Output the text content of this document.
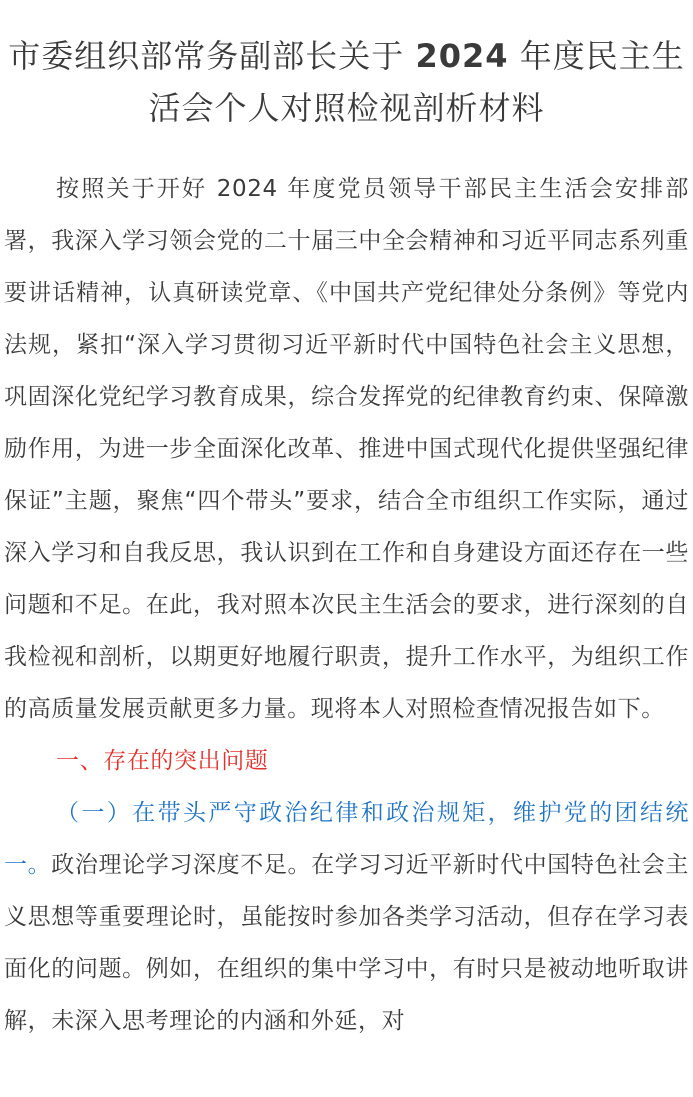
市委组织部常务副部长关于 2024 年度民主生活会个人对照检视剖析材料

按照关于开好 2024 年度党员领导干部民主生活会安排部署，我深入学习领会党的二十届三中全会精神和习近平同志系列重要讲话精神，认真研读党章、《中国共产党纪律处分条例》等党内法规，紧扣“深入学习贯彻习近平新时代中国特色社会主义思想，巩固深化党纪学习教育成果，综合发挥党的纪律教育约束、保障激励作用，为进一步全面深化改革、推进中国式现代化提供坚强纪律保证”主题，聚焦“四个带头”要求，结合全市组织工作实际，通过深入学习和自我反思，我认识到在工作和自身建设方面还存在一些问题和不足。在此，我对照本次民主生活会的要求，进行深刻的自我检视和剖析，以期更好地履行职责，提升工作水平，为组织工作的高质量发展贡献更多力量。现将本人对照检查情况报告如下。

一、存在的突出问题

（一）在带头严守政治纪律和政治规矩，维护党的团结统一。政治理论学习深度不足。在学习习近平新时代中国特色社会主义思想等重要理论时，虽能按时参加各类学习活动，但存在学习表面化的问题。例如，在组织的集中学习中，有时只是被动地听取讲解，未深入思考理论的内涵和外延，对
